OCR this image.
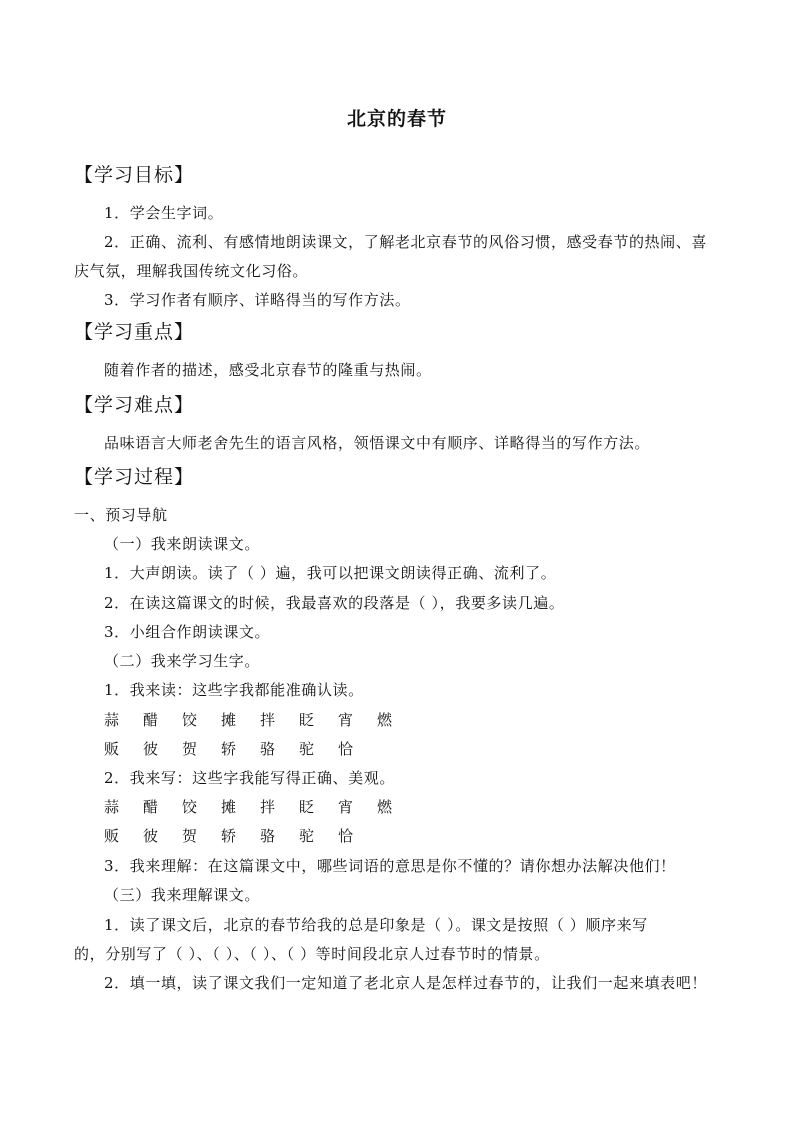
北京的春节
【学习目标】
1．学会生字词。
2．正确、流利、有感情地朗读课文，了解老北京春节的风俗习惯，感受春节的热闹、喜
庆气氛，理解我国传统文化习俗。
3．学习作者有顺序、详略得当的写作方法。
【学习重点】
随着作者的描述，感受北京春节的隆重与热闹。
【学习难点】
品味语言大师老舍先生的语言风格，领悟课文中有顺序、详略得当的写作方法。
【学习过程】
一、预习导航
（一）我来朗读课文。
1．大声朗读。读了（ ）遍，我可以把课文朗读得正确、流利了。
2．在读这篇课文的时候，我最喜欢的段落是（ ），我要多读几遍。
3．小组合作朗读课文。
（二）我来学习生字。
1．我来读：这些字我都能准确认读。
蒜 醋 饺 摊 拌 眨 宵 燃
贩 彼 贺 轿 骆 驼 恰
2．我来写：这些字我能写得正确、美观。
蒜 醋 饺 摊 拌 眨 宵 燃
贩 彼 贺 轿 骆 驼 恰
3．我来理解：在这篇课文中，哪些词语的意思是你不懂的？请你想办法解决他们！
（三）我来理解课文。
1．读了课文后，北京的春节给我的总是印象是（ ）。课文是按照（ ）顺序来写
的，分别写了（ ）、（ ）、（ ）、（ ）等时间段北京人过春节时的情景。
2．填一填，读了课文我们一定知道了老北京人是怎样过春节的，让我们一起来填表吧！
